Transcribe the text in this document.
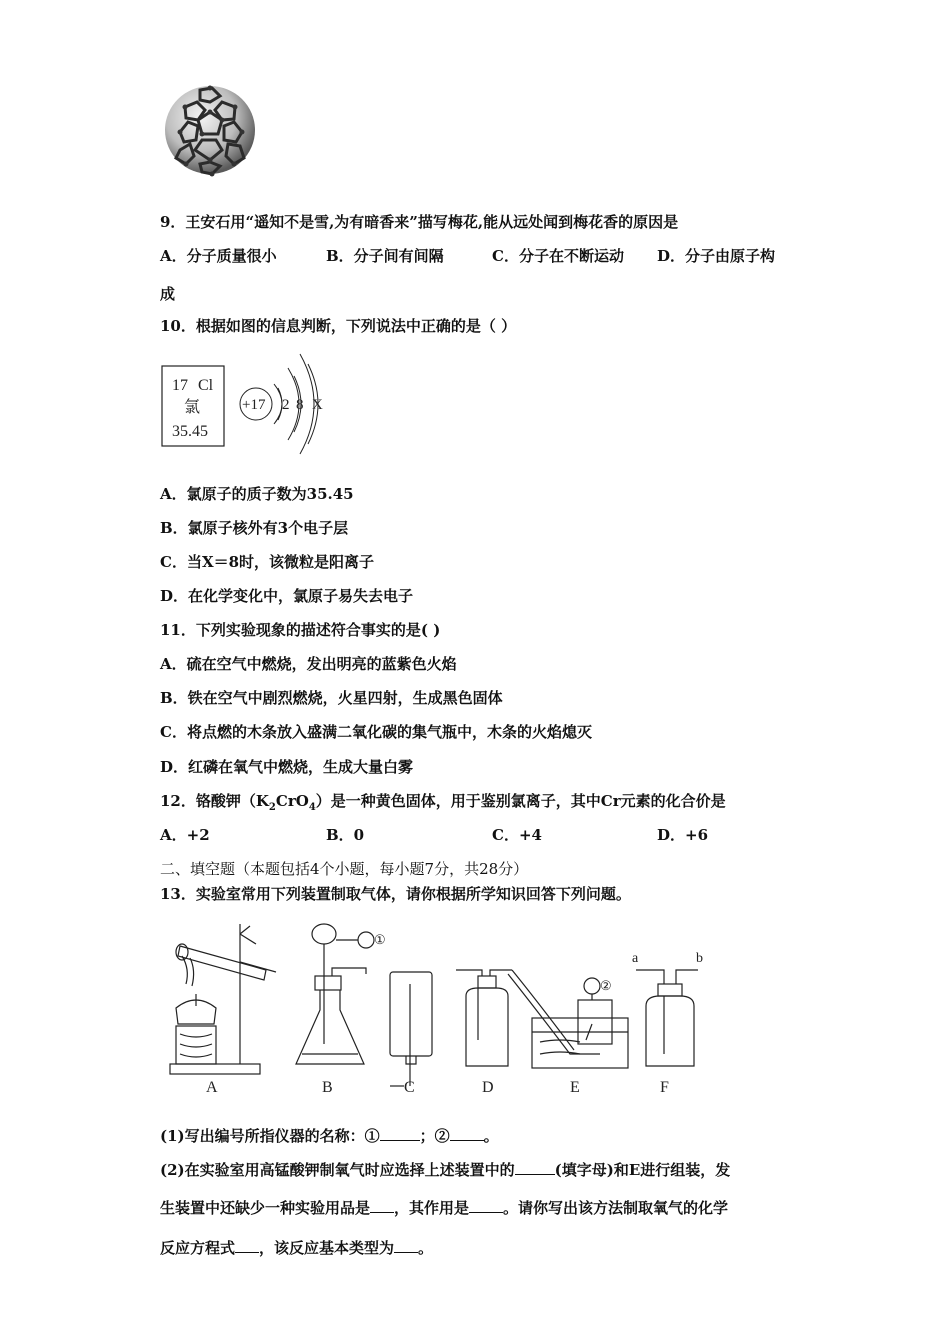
9．王安石用“遥知不是雪,为有暗香来”描写梅花,能从远处闻到梅花香的原因是
A．分子质量很小	B．分子间有间隔	C．分子在不断运动 D．分子由原子构
成
10．根据如图的信息判断，下列说法中正确的是（ ）
17 Cl
氯
35.45
+17 2 8 X
A．氯原子的质子数为35.45
B．氯原子核外有3个电子层
C．当X＝8时，该微粒是阳离子
D．在化学变化中，氯原子易失去电子
11．下列实验现象的描述符合事实的是( )
A．硫在空气中燃烧，发出明亮的蓝紫色火焰
B．铁在空气中剧烈燃烧，火星四射，生成黑色固体
C．将点燃的木条放入盛满二氧化碳的集气瓶中，木条的火焰熄灭
D．红磷在氧气中燃烧，生成大量白雾
12．铬酸钾$(K_2CrO_4)$是一种黄色固体，用于鉴别氯离子，其中Cr元素的化合价是
A．+2	B．0	C．+4	D．+6
二、填空题（本题包括4个小题，每小题7分，共28分）
13．实验室常用下列装置制取气体，请你根据所学知识回答下列问题。
①
②
a	b
A	B	C	D	E	F
(1)写出编号所指仪器的名称：①	；② 。
(2)在实验室用高锰酸钾制氧气时应选择上述装置中的	(填字母)和E进行组装，发
生装置中还缺少一种实验用品是 ，其作用是 。请你写出该方法制取氧气的化学
反应方程式 ，该反应基本类型为 。
